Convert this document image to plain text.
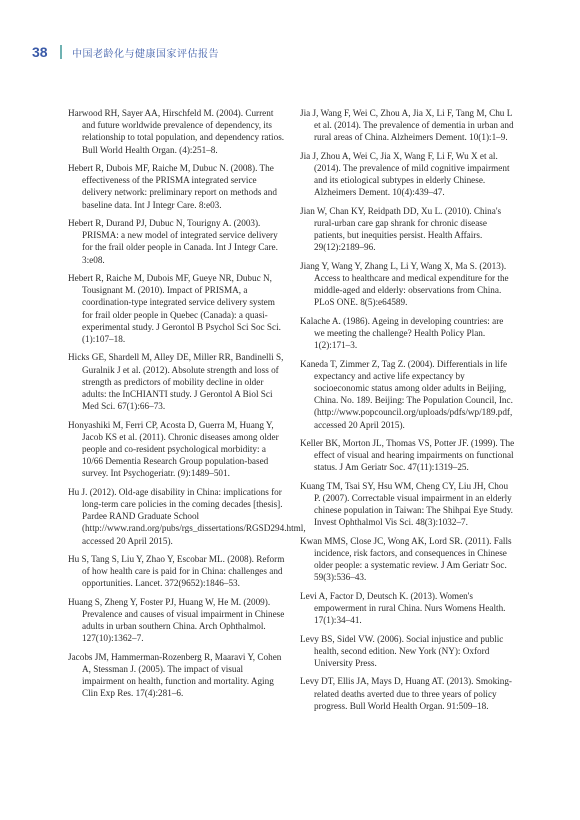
38 中国老龄化与健康国家评估报告

Harwood RH, Sayer AA, Hirschfeld M. (2004). Current and future worldwide prevalence of dependency, its relationship to total population, and dependency ratios. Bull World Health Organ. (4):251–8.

Hebert R, Dubois MF, Raiche M, Dubuc N. (2008). The effectiveness of the PRISMA integrated service delivery network: preliminary report on methods and baseline data. Int J Integr Care. 8:e03.

Hebert R, Durand PJ, Dubuc N, Tourigny A. (2003). PRISMA: a new model of integrated service delivery for the frail older people in Canada. Int J Integr Care. 3:e08.

Hebert R, Raiche M, Dubois MF, Gueye NR, Dubuc N, Tousignant M. (2010). Impact of PRISMA, a coordination-type integrated service delivery system for frail older people in Quebec (Canada): a quasi-experimental study. J Gerontol B Psychol Sci Soc Sci. (1):107–18.

Hicks GE, Shardell M, Alley DE, Miller RR, Bandinelli S, Guralnik J et al. (2012). Absolute strength and loss of strength as predictors of mobility decline in older adults: the InCHIANTI study. J Gerontol A Biol Sci Med Sci. 67(1):66–73.

Honyashiki M, Ferri CP, Acosta D, Guerra M, Huang Y, Jacob KS et al. (2011). Chronic diseases among older people and co-resident psychological morbidity: a 10/66 Dementia Research Group population-based survey. Int Psychogeriatr. (9):1489–501.

Hu J. (2012). Old-age disability in China: implications for long-term care policies in the coming decades [thesis]. Pardee RAND Graduate School (http://www.rand.org/pubs/rgs_dissertations/RGSD294.html, accessed 20 April 2015).

Hu S, Tang S, Liu Y, Zhao Y, Escobar ML. (2008). Reform of how health care is paid for in China: challenges and opportunities. Lancet. 372(9652):1846–53.

Huang S, Zheng Y, Foster PJ, Huang W, He M. (2009). Prevalence and causes of visual impairment in Chinese adults in urban southern China. Arch Ophthalmol. 127(10):1362–7.

Jacobs JM, Hammerman-Rozenberg R, Maaravi Y, Cohen A, Stessman J. (2005). The impact of visual impairment on health, function and mortality. Aging Clin Exp Res. 17(4):281–6.

Jia J, Wang F, Wei C, Zhou A, Jia X, Li F, Tang M, Chu L et al. (2014). The prevalence of dementia in urban and rural areas of China. Alzheimers Dement. 10(1):1–9.

Jia J, Zhou A, Wei C, Jia X, Wang F, Li F, Wu X et al. (2014). The prevalence of mild cognitive impairment and its etiological subtypes in elderly Chinese. Alzheimers Dement. 10(4):439–47.

Jian W, Chan KY, Reidpath DD, Xu L. (2010). China's rural-urban care gap shrank for chronic disease patients, but inequities persist. Health Affairs. 29(12):2189–96.

Jiang Y, Wang Y, Zhang L, Li Y, Wang X, Ma S. (2013). Access to healthcare and medical expenditure for the middle-aged and elderly: observations from China. PLoS ONE. 8(5):e64589.

Kalache A. (1986). Ageing in developing countries: are we meeting the challenge? Health Policy Plan. 1(2):171–3.

Kaneda T, Zimmer Z, Tag Z. (2004). Differentials in life expectancy and active life expectancy by socioeconomic status among older adults in Beijing, China. No. 189. Beijing: The Population Council, Inc. (http://www.popcouncil.org/uploads/pdfs/wp/189.pdf, accessed 20 April 2015).

Keller BK, Morton JL, Thomas VS, Potter JF. (1999). The effect of visual and hearing impairments on functional status. J Am Geriatr Soc. 47(11):1319–25.

Kuang TM, Tsai SY, Hsu WM, Cheng CY, Liu JH, Chou P. (2007). Correctable visual impairment in an elderly chinese population in Taiwan: The Shihpai Eye Study. Invest Ophthalmol Vis Sci. 48(3):1032–7.

Kwan MMS, Close JC, Wong AK, Lord SR. (2011). Falls incidence, risk factors, and consequences in Chinese older people: a systematic review. J Am Geriatr Soc. 59(3):536–43.

Levi A, Factor D, Deutsch K. (2013). Women's empowerment in rural China. Nurs Womens Health. 17(1):34–41.

Levy BS, Sidel VW. (2006). Social injustice and public health, second edition. New York (NY): Oxford University Press.

Levy DT, Ellis JA, Mays D, Huang AT. (2013). Smoking-related deaths averted due to three years of policy progress. Bull World Health Organ. 91:509–18.
